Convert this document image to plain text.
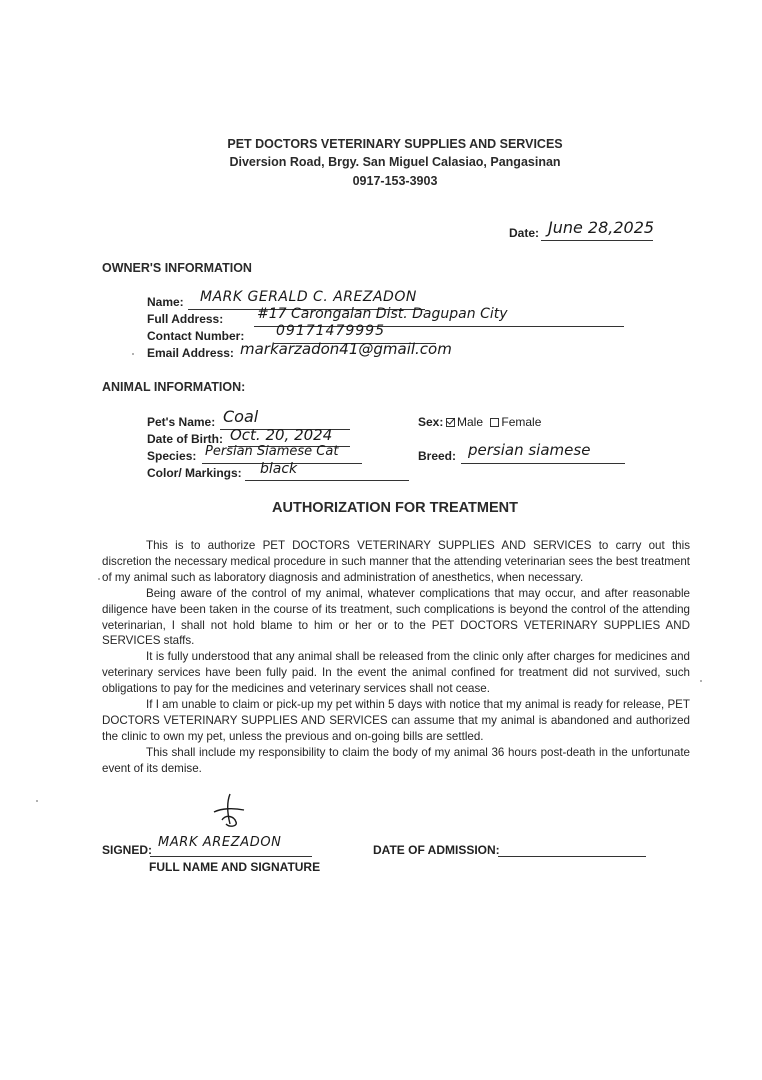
PET DOCTORS VETERINARY SUPPLIES AND SERVICES
Diversion Road, Brgy. San Miguel Calasiao, Pangasinan
0917-153-3903
Date: June 28,2025
OWNER'S INFORMATION
Name: MARK GERALD C. AREZADON
Full Address: #17 Carongalan Dist. Dagupan City
Contact Number: 09171479995
Email Address: markarzadon41@gmail.com
ANIMAL INFORMATION:
Pet's Name: Coal
Date of Birth: Oct. 20, 2024
Species: Persian Siamese Cat
Color/ Markings: black
Sex:	Male Female
Breed: persian siamese
AUTHORIZATION FOR TREATMENT

This is to authorize PET DOCTORS VETERINARY SUPPLIES AND SERVICES to carry out this discretion the necessary medical procedure in such manner that the attending veterinarian sees the best treatment of my animal such as laboratory diagnosis and administration of anesthetics, when necessary.

Being aware of the control of my animal, whatever complications that may occur, and after reasonable diligence have been taken in the course of its treatment, such complications is beyond the control of the attending veterinarian, I shall not hold blame to him or her or to the PET DOCTORS VETERINARY SUPPLIES AND SERVICES staffs.

It is fully understood that any animal shall be released from the clinic only after charges for medicines and veterinary services have been fully paid. In the event the animal confined for treatment did not survived, such obligations to pay for the medicines and veterinary services shall not cease.

If I am unable to claim or pick-up my pet within 5 days with notice that my animal is ready for release, PET DOCTORS VETERINARY SUPPLIES AND SERVICES can assume that my animal is abandoned and authorized the clinic to own my pet, unless the previous and on-going bills are settled.

This shall include my responsibility to claim the body of my animal 36 hours post-death in the unfortunate event of its demise.

SIGNED: MARK AREZADON
FULL NAME AND SIGNATURE
DATE OF ADMISSION:
